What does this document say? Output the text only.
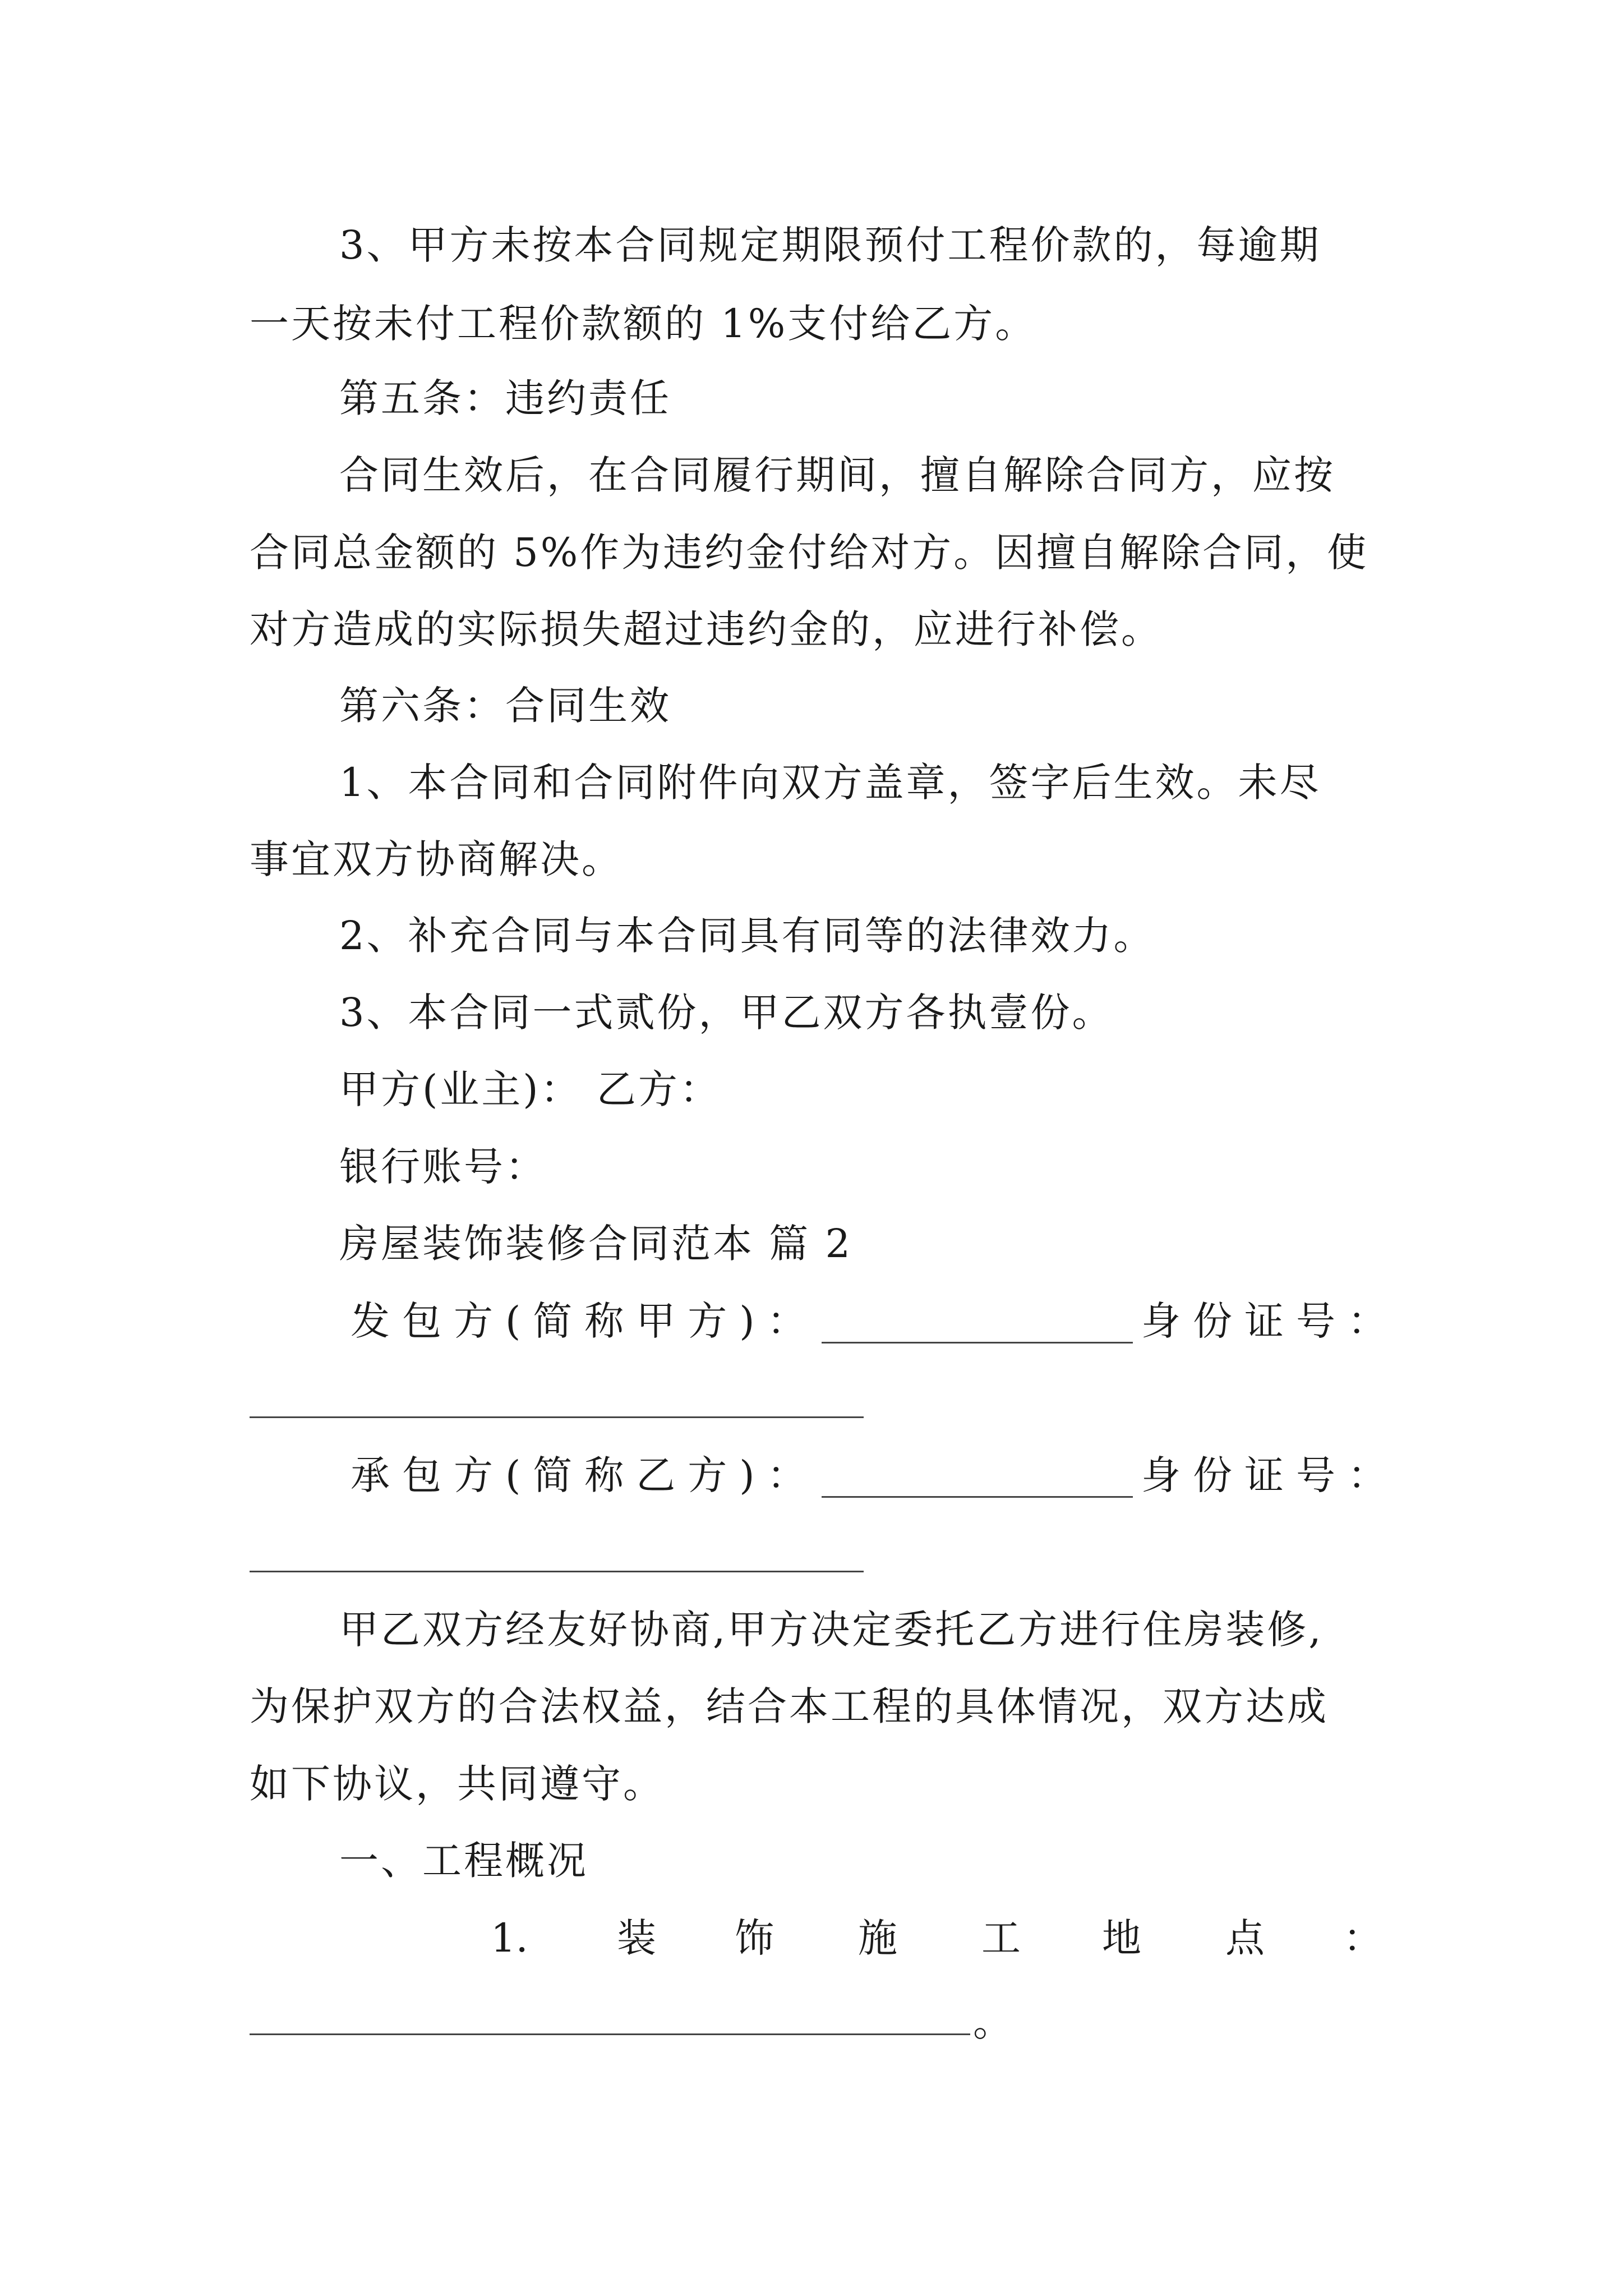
3、甲方未按本合同规定期限预付工程价款的，每逾期

一天按未付工程价款额的 1%支付给乙方。

第五条：违约责任

合同生效后，在合同履行期间，擅自解除合同方，应按

合同总金额的 5%作为违约金付给对方。因擅自解除合同，使

对方造成的实际损失超过违约金的，应进行补偿。

第六条：合同生效

1、本合同和合同附件向双方盖章，签字后生效。未尽

事宜双方协商解决。

2、补充合同与本合同具有同等的法律效力。

3、本合同一式贰份，甲乙双方各执壹份。

甲方(业主)： 乙方：

银行账号：

房屋装饰装修合同范本 篇 2

发包方(简称甲方)：	身份证号：

承包方(简称乙方)：	身份证号：

甲乙双方经友好协商,甲方决定委托乙方进行住房装修,

为保护双方的合法权益，结合本工程的具体情况，双方达成

如下协议，共同遵守。

一、工程概况

1. 装 饰 施 工 地 点 ：
。
